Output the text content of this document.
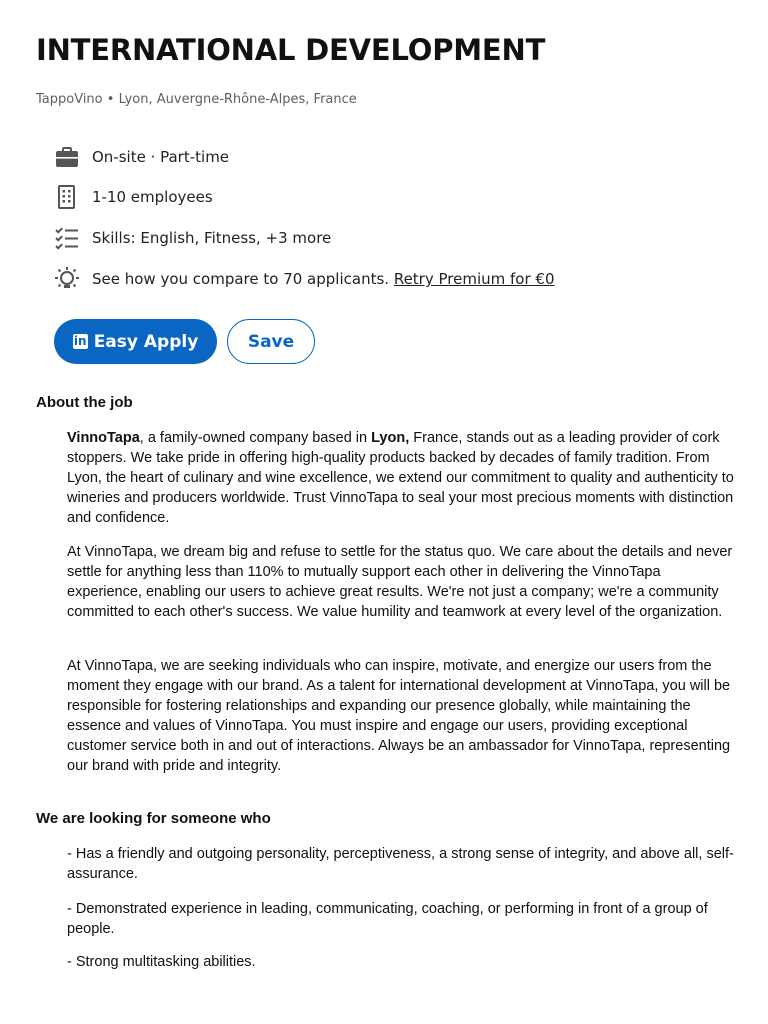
INTERNATIONAL DEVELOPMENT
TappoVino • Lyon, Auvergne-Rhône-Alpes, France
On-site · Part-time
1-10 employees
Skills: English, Fitness, +3 more
See how you compare to 70 applicants. Retry Premium for €0
in Easy Apply	Save
About the job

VinnoTapa, a family-owned company based in Lyon, France, stands out as a leading provider of cork stoppers. We take pride in offering high-quality products backed by decades of family tradition. From Lyon, the heart of culinary and wine excellence, we extend our commitment to quality and authenticity to wineries and producers worldwide. Trust VinnoTapa to seal your most precious moments with distinction and confidence.

At VinnoTapa, we dream big and refuse to settle for the status quo. We care about the details and never settle for anything less than 110% to mutually support each other in delivering the VinnoTapa experience, enabling our users to achieve great results. We're not just a company; we're a community committed to each other's success. We value humility and teamwork at every level of the organization.

At VinnoTapa, we are seeking individuals who can inspire, motivate, and energize our users from the moment they engage with our brand. As a talent for international development at VinnoTapa, you will be responsible for fostering relationships and expanding our presence globally, while maintaining the essence and values of VinnoTapa. You must inspire and engage our users, providing exceptional customer service both in and out of interactions. Always be an ambassador for VinnoTapa, representing our brand with pride and integrity.

We are looking for someone who

- Has a friendly and outgoing personality, perceptiveness, a strong sense of integrity, and above all, self-assurance.

- Demonstrated experience in leading, communicating, coaching, or performing in front of a group of people.

- Strong multitasking abilities.
